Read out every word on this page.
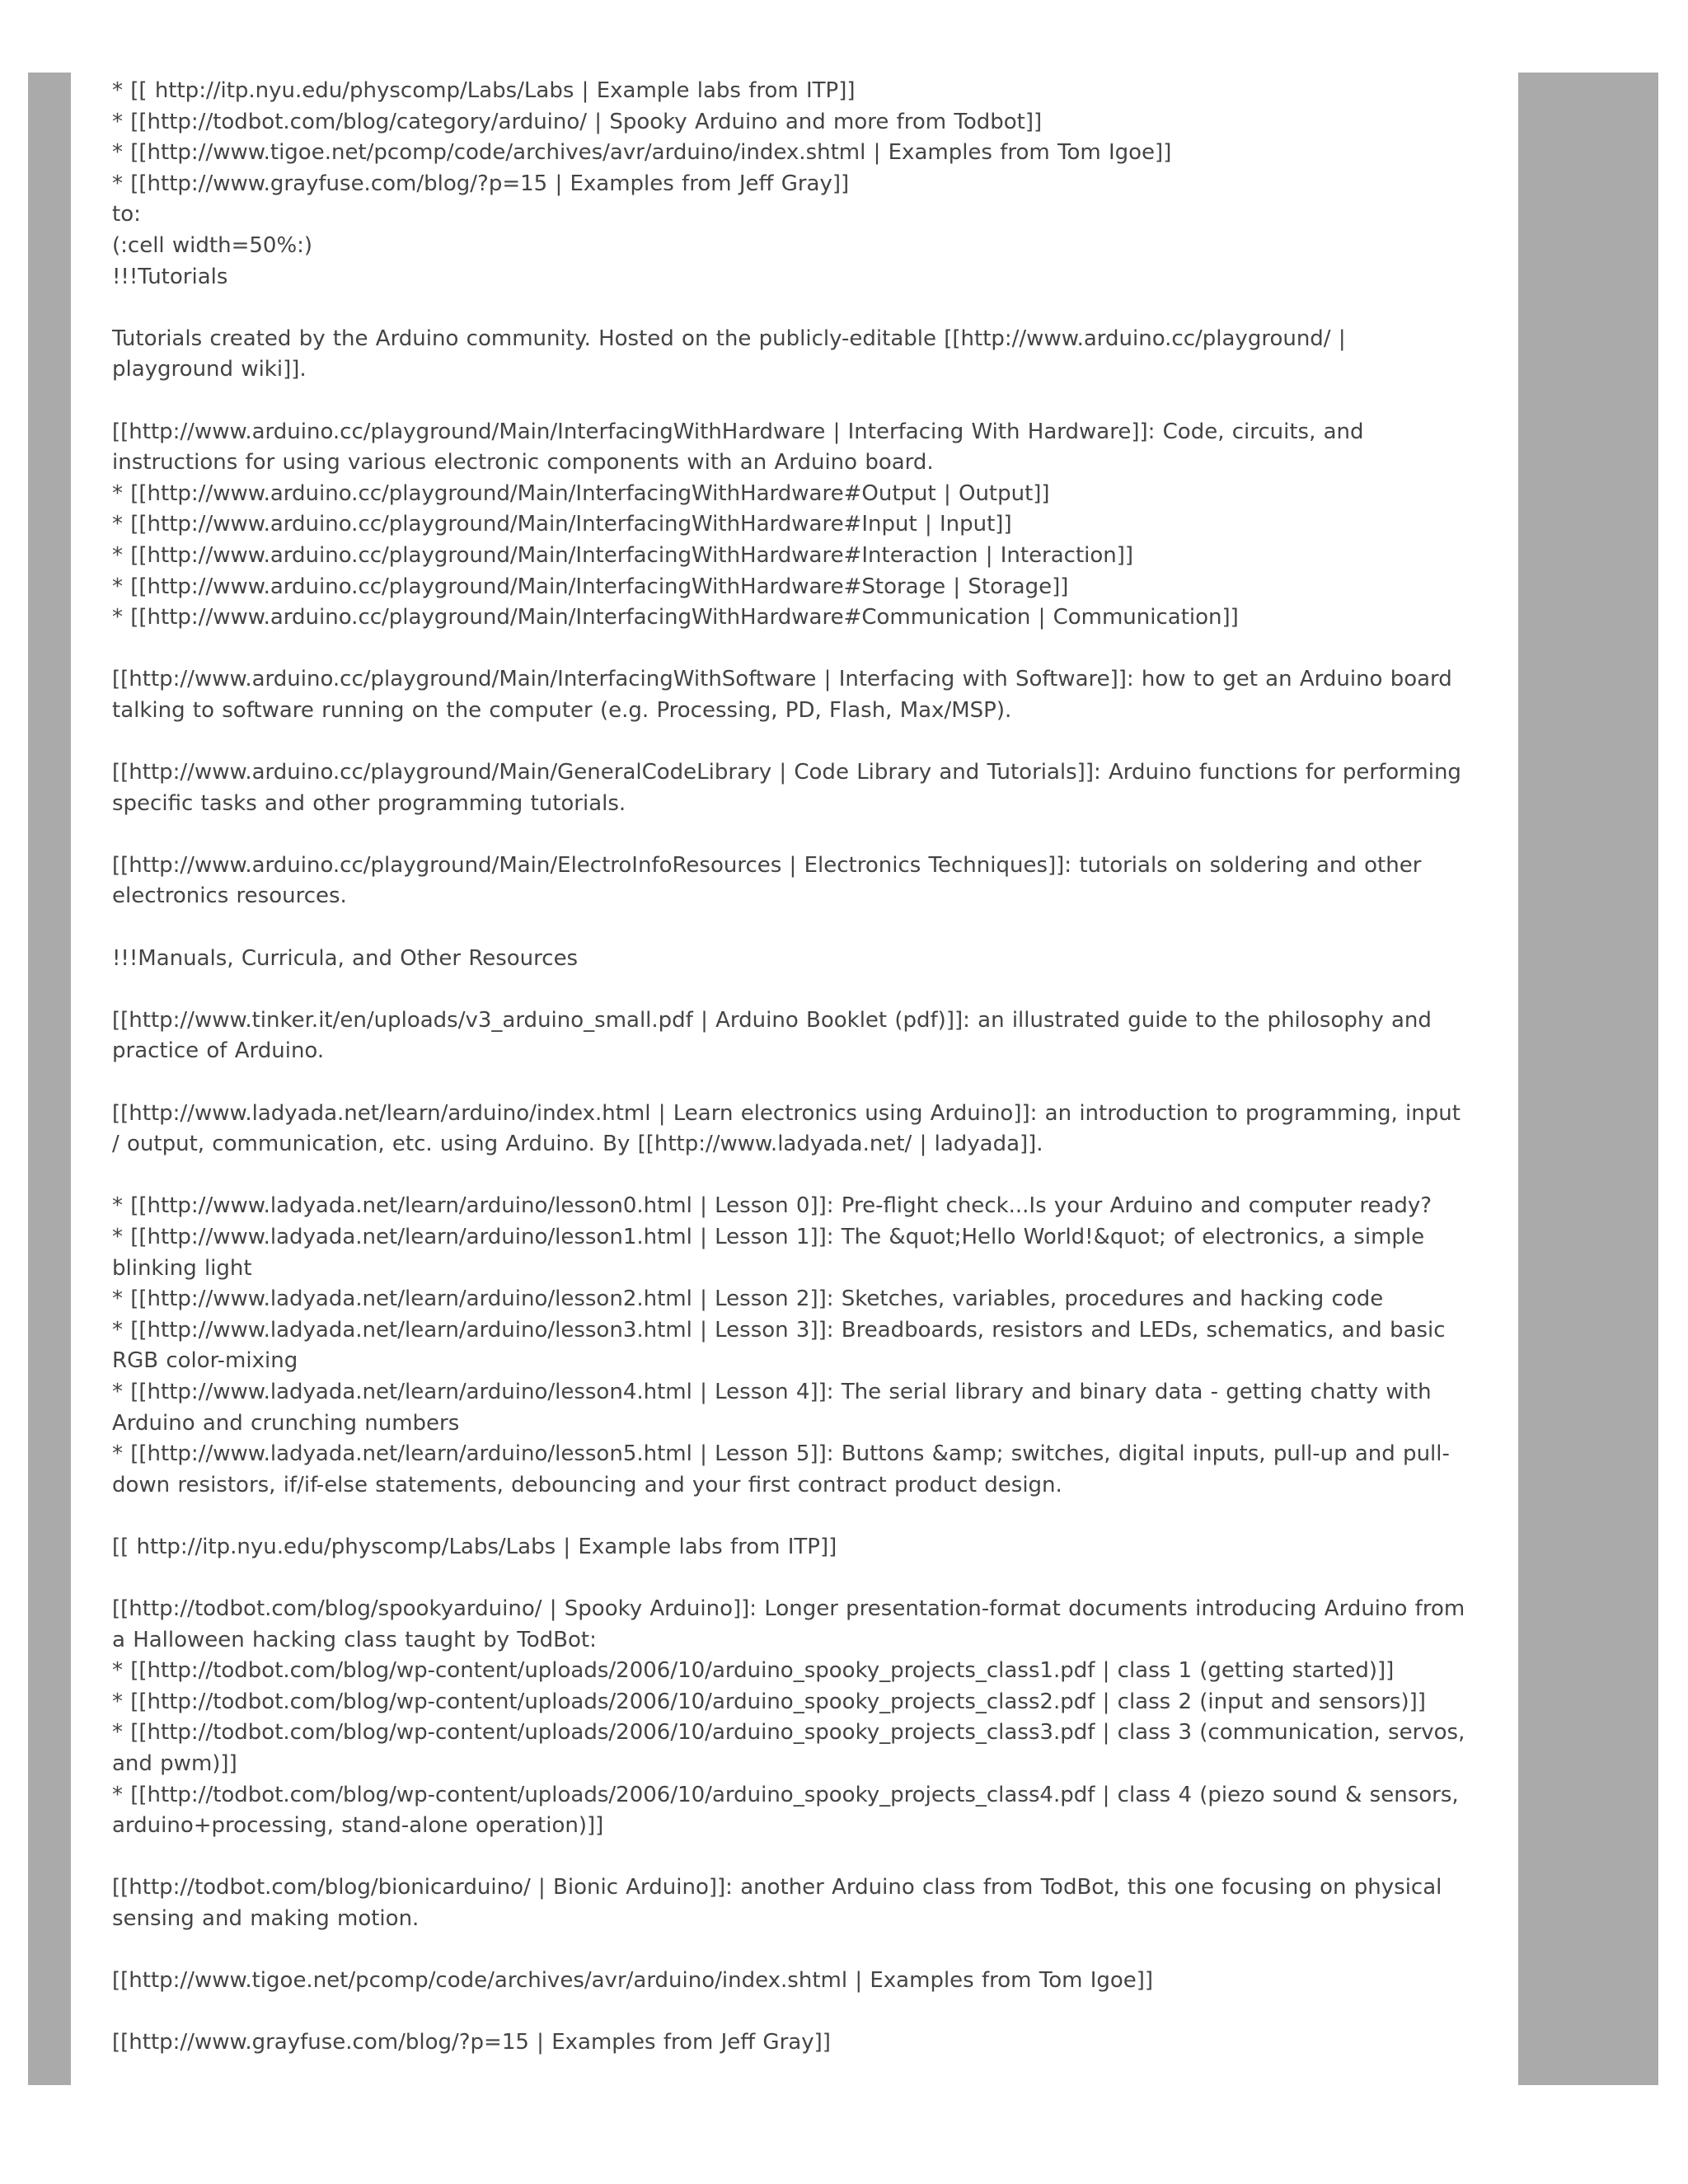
* [[ http://itp.nyu.edu/physcomp/Labs/Labs | Example labs from ITP]]

* [[http://todbot.com/blog/category/arduino/ | Spooky Arduino and more from Todbot]]

* [[http://www.tigoe.net/pcomp/code/archives/avr/arduino/index.shtml | Examples from Tom Igoe]]

* [[http://www.grayfuse.com/blog/?p=15 | Examples from Jeff Gray]]

to:

(:cell width=50%:)

!!!Tutorials

Tutorials created by the Arduino community. Hosted on the publicly-editable [[http://www.arduino.cc/playground/ | playground wiki]].

[[http://www.arduino.cc/playground/Main/InterfacingWithHardware | Interfacing With Hardware]]: Code, circuits, and instructions for using various electronic components with an Arduino board.

* [[http://www.arduino.cc/playground/Main/InterfacingWithHardware#Output | Output]]

* [[http://www.arduino.cc/playground/Main/InterfacingWithHardware#Input | Input]]

* [[http://www.arduino.cc/playground/Main/InterfacingWithHardware#Interaction | Interaction]]

* [[http://www.arduino.cc/playground/Main/InterfacingWithHardware#Storage | Storage]]

* [[http://www.arduino.cc/playground/Main/InterfacingWithHardware#Communication | Communication]]

[[http://www.arduino.cc/playground/Main/InterfacingWithSoftware | Interfacing with Software]]: how to get an Arduino board talking to software running on the computer (e.g. Processing, PD, Flash, Max/MSP).

[[http://www.arduino.cc/playground/Main/GeneralCodeLibrary | Code Library and Tutorials]]: Arduino functions for performing specific tasks and other programming tutorials.

[[http://www.arduino.cc/playground/Main/ElectroInfoResources | Electronics Techniques]]: tutorials on soldering and other electronics resources.

!!!Manuals, Curricula, and Other Resources

[[http://www.tinker.it/en/uploads/v3_arduino_small.pdf | Arduino Booklet (pdf)]]: an illustrated guide to the philosophy and practice of Arduino.

[[http://www.ladyada.net/learn/arduino/index.html | Learn electronics using Arduino]]: an introduction to programming, input / output, communication, etc. using Arduino. By [[http://www.ladyada.net/ | ladyada]].

* [[http://www.ladyada.net/learn/arduino/lesson0.html | Lesson 0]]: Pre-flight check...Is your Arduino and computer ready?

* [[http://www.ladyada.net/learn/arduino/lesson1.html | Lesson 1]]: The &quot;Hello World!&quot; of electronics, a simple blinking light

* [[http://www.ladyada.net/learn/arduino/lesson2.html | Lesson 2]]: Sketches, variables, procedures and hacking code

* [[http://www.ladyada.net/learn/arduino/lesson3.html | Lesson 3]]: Breadboards, resistors and LEDs, schematics, and basic RGB color-mixing

* [[http://www.ladyada.net/learn/arduino/lesson4.html | Lesson 4]]: The serial library and binary data - getting chatty with Arduino and crunching numbers

* [[http://www.ladyada.net/learn/arduino/lesson5.html | Lesson 5]]: Buttons &amp; switches, digital inputs, pull-up and pull-down resistors, if/if-else statements, debouncing and your first contract product design.

[[ http://itp.nyu.edu/physcomp/Labs/Labs | Example labs from ITP]]

[[http://todbot.com/blog/spookyarduino/ | Spooky Arduino]]: Longer presentation-format documents introducing Arduino from a Halloween hacking class taught by TodBot:

* [[http://todbot.com/blog/wp-content/uploads/2006/10/arduino_spooky_projects_class1.pdf | class 1 (getting started)]]

* [[http://todbot.com/blog/wp-content/uploads/2006/10/arduino_spooky_projects_class2.pdf | class 2 (input and sensors)]]

* [[http://todbot.com/blog/wp-content/uploads/2006/10/arduino_spooky_projects_class3.pdf | class 3 (communication, servos, and pwm)]]

* [[http://todbot.com/blog/wp-content/uploads/2006/10/arduino_spooky_projects_class4.pdf | class 4 (piezo sound & sensors, arduino+processing, stand-alone operation)]]

[[http://todbot.com/blog/bionicarduino/ | Bionic Arduino]]: another Arduino class from TodBot, this one focusing on physical sensing and making motion.

[[http://www.tigoe.net/pcomp/code/archives/avr/arduino/index.shtml | Examples from Tom Igoe]]

[[http://www.grayfuse.com/blog/?p=15 | Examples from Jeff Gray]]
